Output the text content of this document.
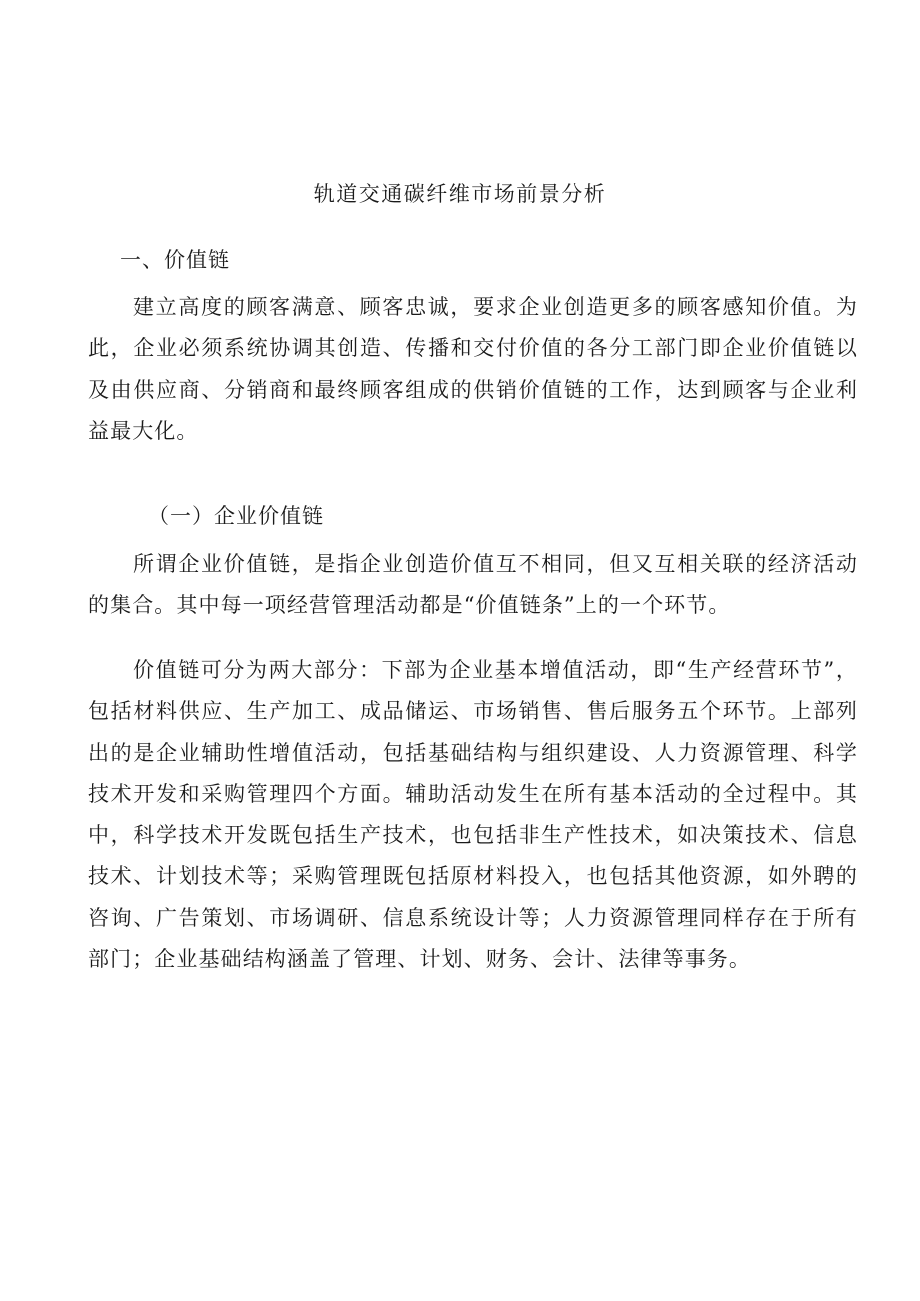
轨道交通碳纤维市场前景分析
一、价值链
建立高度的顾客满意、顾客忠诚，要求企业创造更多的顾客感知价值。为此，企业必须系统协调其创造、传播和交付价值的各分工部门即企业价值链以及由供应商、分销商和最终顾客组成的供销价值链的工作，达到顾客与企业利益最大化。
（一）企业价值链
所谓企业价值链，是指企业创造价值互不相同，但又互相关联的经济活动的集合。其中每一项经营管理活动都是“价值链条”上的一个环节。
价值链可分为两大部分：下部为企业基本增值活动，即“生产经营环节”，包括材料供应、生产加工、成品储运、市场销售、售后服务五个环节。上部列出的是企业辅助性增值活动，包括基础结构与组织建设、人力资源管理、科学技术开发和采购管理四个方面。辅助活动发生在所有基本活动的全过程中。其中，科学技术开发既包括生产技术，也包括非生产性技术，如决策技术、信息技术、计划技术等；采购管理既包括原材料投入，也包括其他资源，如外聘的咨询、广告策划、市场调研、信息系统设计等；人力资源管理同样存在于所有部门；企业基础结构涵盖了管理、计划、财务、会计、法律等事务。
